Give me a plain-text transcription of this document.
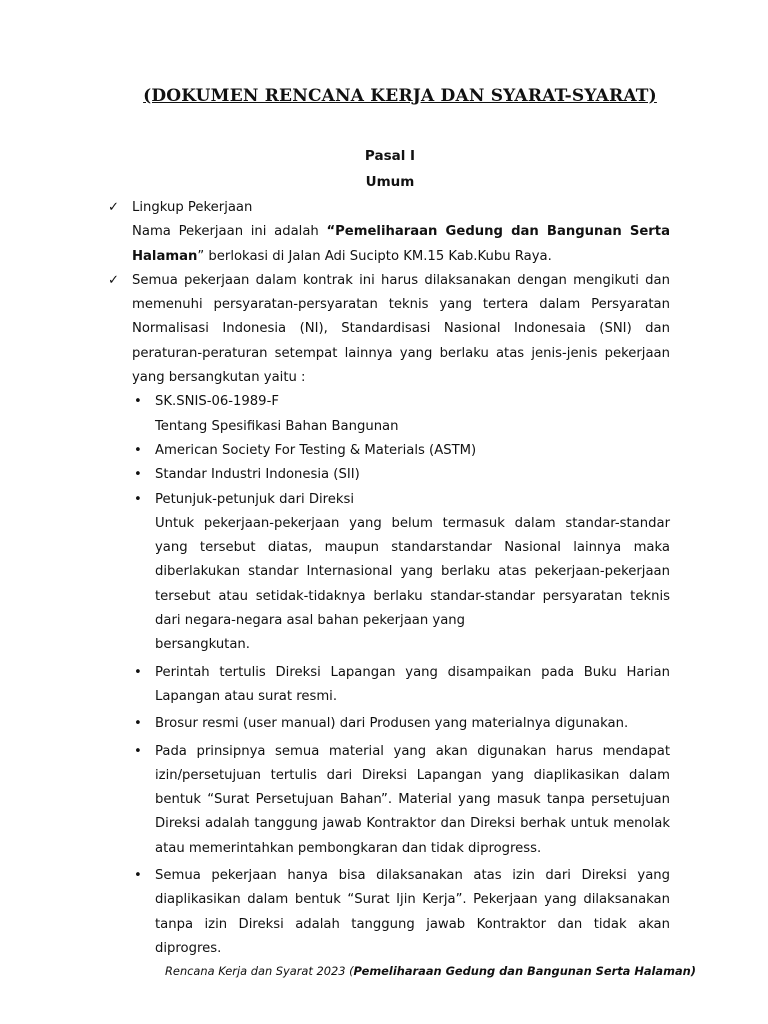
(DOKUMEN RENCANA KERJA DAN SYARAT-SYARAT)
Pasal I
Umum
✓ Lingkup Pekerjaan
Nama Pekerjaan ini adalah “Pemeliharaan Gedung dan Bangunan Serta Halaman” berlokasi di Jalan Adi Sucipto KM.15 Kab.Kubu Raya.
✓ Semua pekerjaan dalam kontrak ini harus dilaksanakan dengan mengikuti dan memenuhi persyaratan-persyaratan teknis yang tertera dalam Persyaratan Normalisasi Indonesia (NI), Standardisasi Nasional Indonesaia (SNI) dan peraturan-peraturan setempat lainnya yang berlaku atas jenis-jenis pekerjaan yang bersangkutan yaitu :
• SK.SNIS-06-1989-F
Tentang Spesifikasi Bahan Bangunan
• American Society For Testing & Materials (ASTM)
• Standar Industri Indonesia (SII)
• Petunjuk-petunjuk dari Direksi
Untuk pekerjaan-pekerjaan yang belum termasuk dalam standar-standar yang tersebut diatas, maupun standarstandar Nasional lainnya maka diberlakukan standar Internasional yang berlaku atas pekerjaan-pekerjaan tersebut atau setidak-tidaknya berlaku standar-standar persyaratan teknis dari negara-negara asal bahan pekerjaan yang
bersangkutan.
• Perintah tertulis Direksi Lapangan yang disampaikan pada Buku Harian Lapangan atau surat resmi.
• Brosur resmi (user manual) dari Produsen yang materialnya digunakan.
• Pada prinsipnya semua material yang akan digunakan harus mendapat izin/persetujuan tertulis dari Direksi Lapangan yang diaplikasikan dalam bentuk “Surat Persetujuan Bahan”. Material yang masuk tanpa persetujuan Direksi adalah tanggung jawab Kontraktor dan Direksi berhak untuk menolak atau memerintahkan pembongkaran dan tidak diprogress.
• Semua pekerjaan hanya bisa dilaksanakan atas izin dari Direksi yang diaplikasikan dalam bentuk “Surat Ijin Kerja”. Pekerjaan yang dilaksanakan tanpa izin Direksi adalah tanggung jawab Kontraktor dan tidak akan diprogres.
Rencana Kerja dan Syarat 2023 (Pemeliharaan Gedung dan Bangunan Serta Halaman)
